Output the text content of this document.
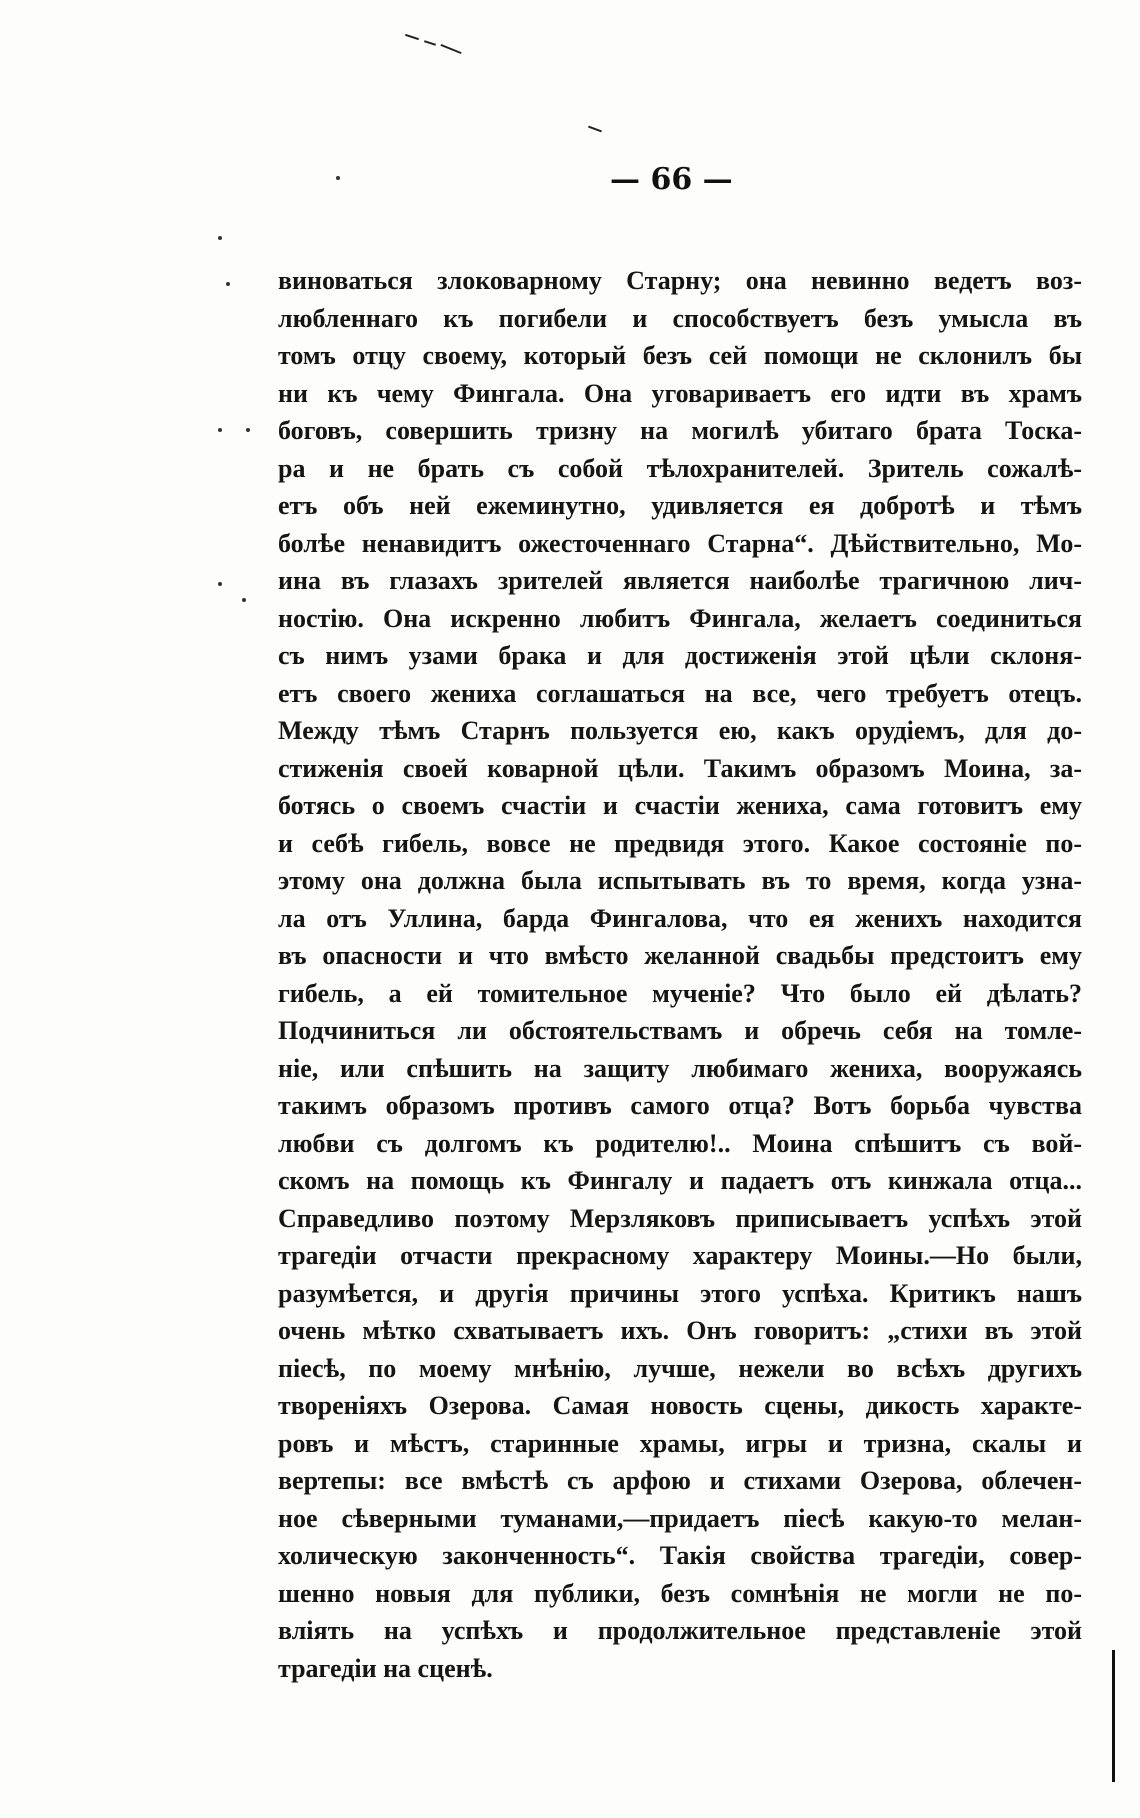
— 66 —
виноваться злоковарному Старну; она невинно ведетъ воз-
любленнаго къ погибели и способствуетъ безъ умысла въ
томъ отцу своему, который безъ сей помощи не склонилъ бы
ни къ чему Фингала. Она уговариваетъ его идти въ храмъ
боговъ, совершить тризну на могилѣ убитаго брата Тоска-
ра и не брать съ собой тѣлохранителей. Зритель сожалѣ-
етъ объ ней ежеминутно, удивляется ея добротѣ и тѣмъ
болѣе ненавидитъ ожесточеннаго Старна“. Дѣйствительно, Мо-
ина въ глазахъ зрителей является наиболѣе трагичною лич-
ностію. Она искренно любитъ Фингала, желаетъ соединиться
съ нимъ узами брака и для достиженія этой цѣли склоня-
етъ своего жениха соглашаться на все, чего требуетъ отецъ.
Между тѣмъ Старнъ пользуется ею, какъ орудіемъ, для до-
стиженія своей коварной цѣли. Такимъ образомъ Моина, за-
ботясь о своемъ счастіи и счастіи жениха, сама готовитъ ему
и себѣ гибель, вовсе не предвидя этого. Какое состояніе по-
этому она должна была испытывать въ то время, когда узна-
ла отъ Уллина, барда Фингалова, что ея женихъ находится
въ опасности и что вмѣсто желанной свадьбы предстоитъ ему
гибель, а ей томительное мученіе? Что было ей дѣлать?
Подчиниться ли обстоятельствамъ и обречь себя на томле-
ніе, или спѣшить на защиту любимаго жениха, вооружаясь
такимъ образомъ противъ самого отца? Вотъ борьба чувства
любви съ долгомъ къ родителю!.. Моина спѣшитъ съ вой-
скомъ на помощь къ Фингалу и падаетъ отъ кинжала отца...
Справедливо поэтому Мерзляковъ приписываетъ успѣхъ этой
трагедіи отчасти прекрасному характеру Моины.—Но были,
разумѣется, и другія причины этого успѣха. Критикъ нашъ
очень мѣтко схватываетъ ихъ. Онъ говоритъ: „стихи въ этой
піесѣ, по моему мнѣнію, лучше, нежели во всѣхъ другихъ
твореніяхъ Озерова. Самая новость сцены, дикость характе-
ровъ и мѣстъ, старинные храмы, игры и тризна, скалы и
вертепы: все вмѣстѣ съ арфою и стихами Озерова, облечен-
ное сѣверными туманами,—придаетъ піесѣ какую-то мелан-
холическую законченность“. Такія свойства трагедіи, совер-
шенно новыя для публики, безъ сомнѣнія не могли не по-
вліять на успѣхъ и продолжительное представленіе этой
трагедіи на сценѣ.
